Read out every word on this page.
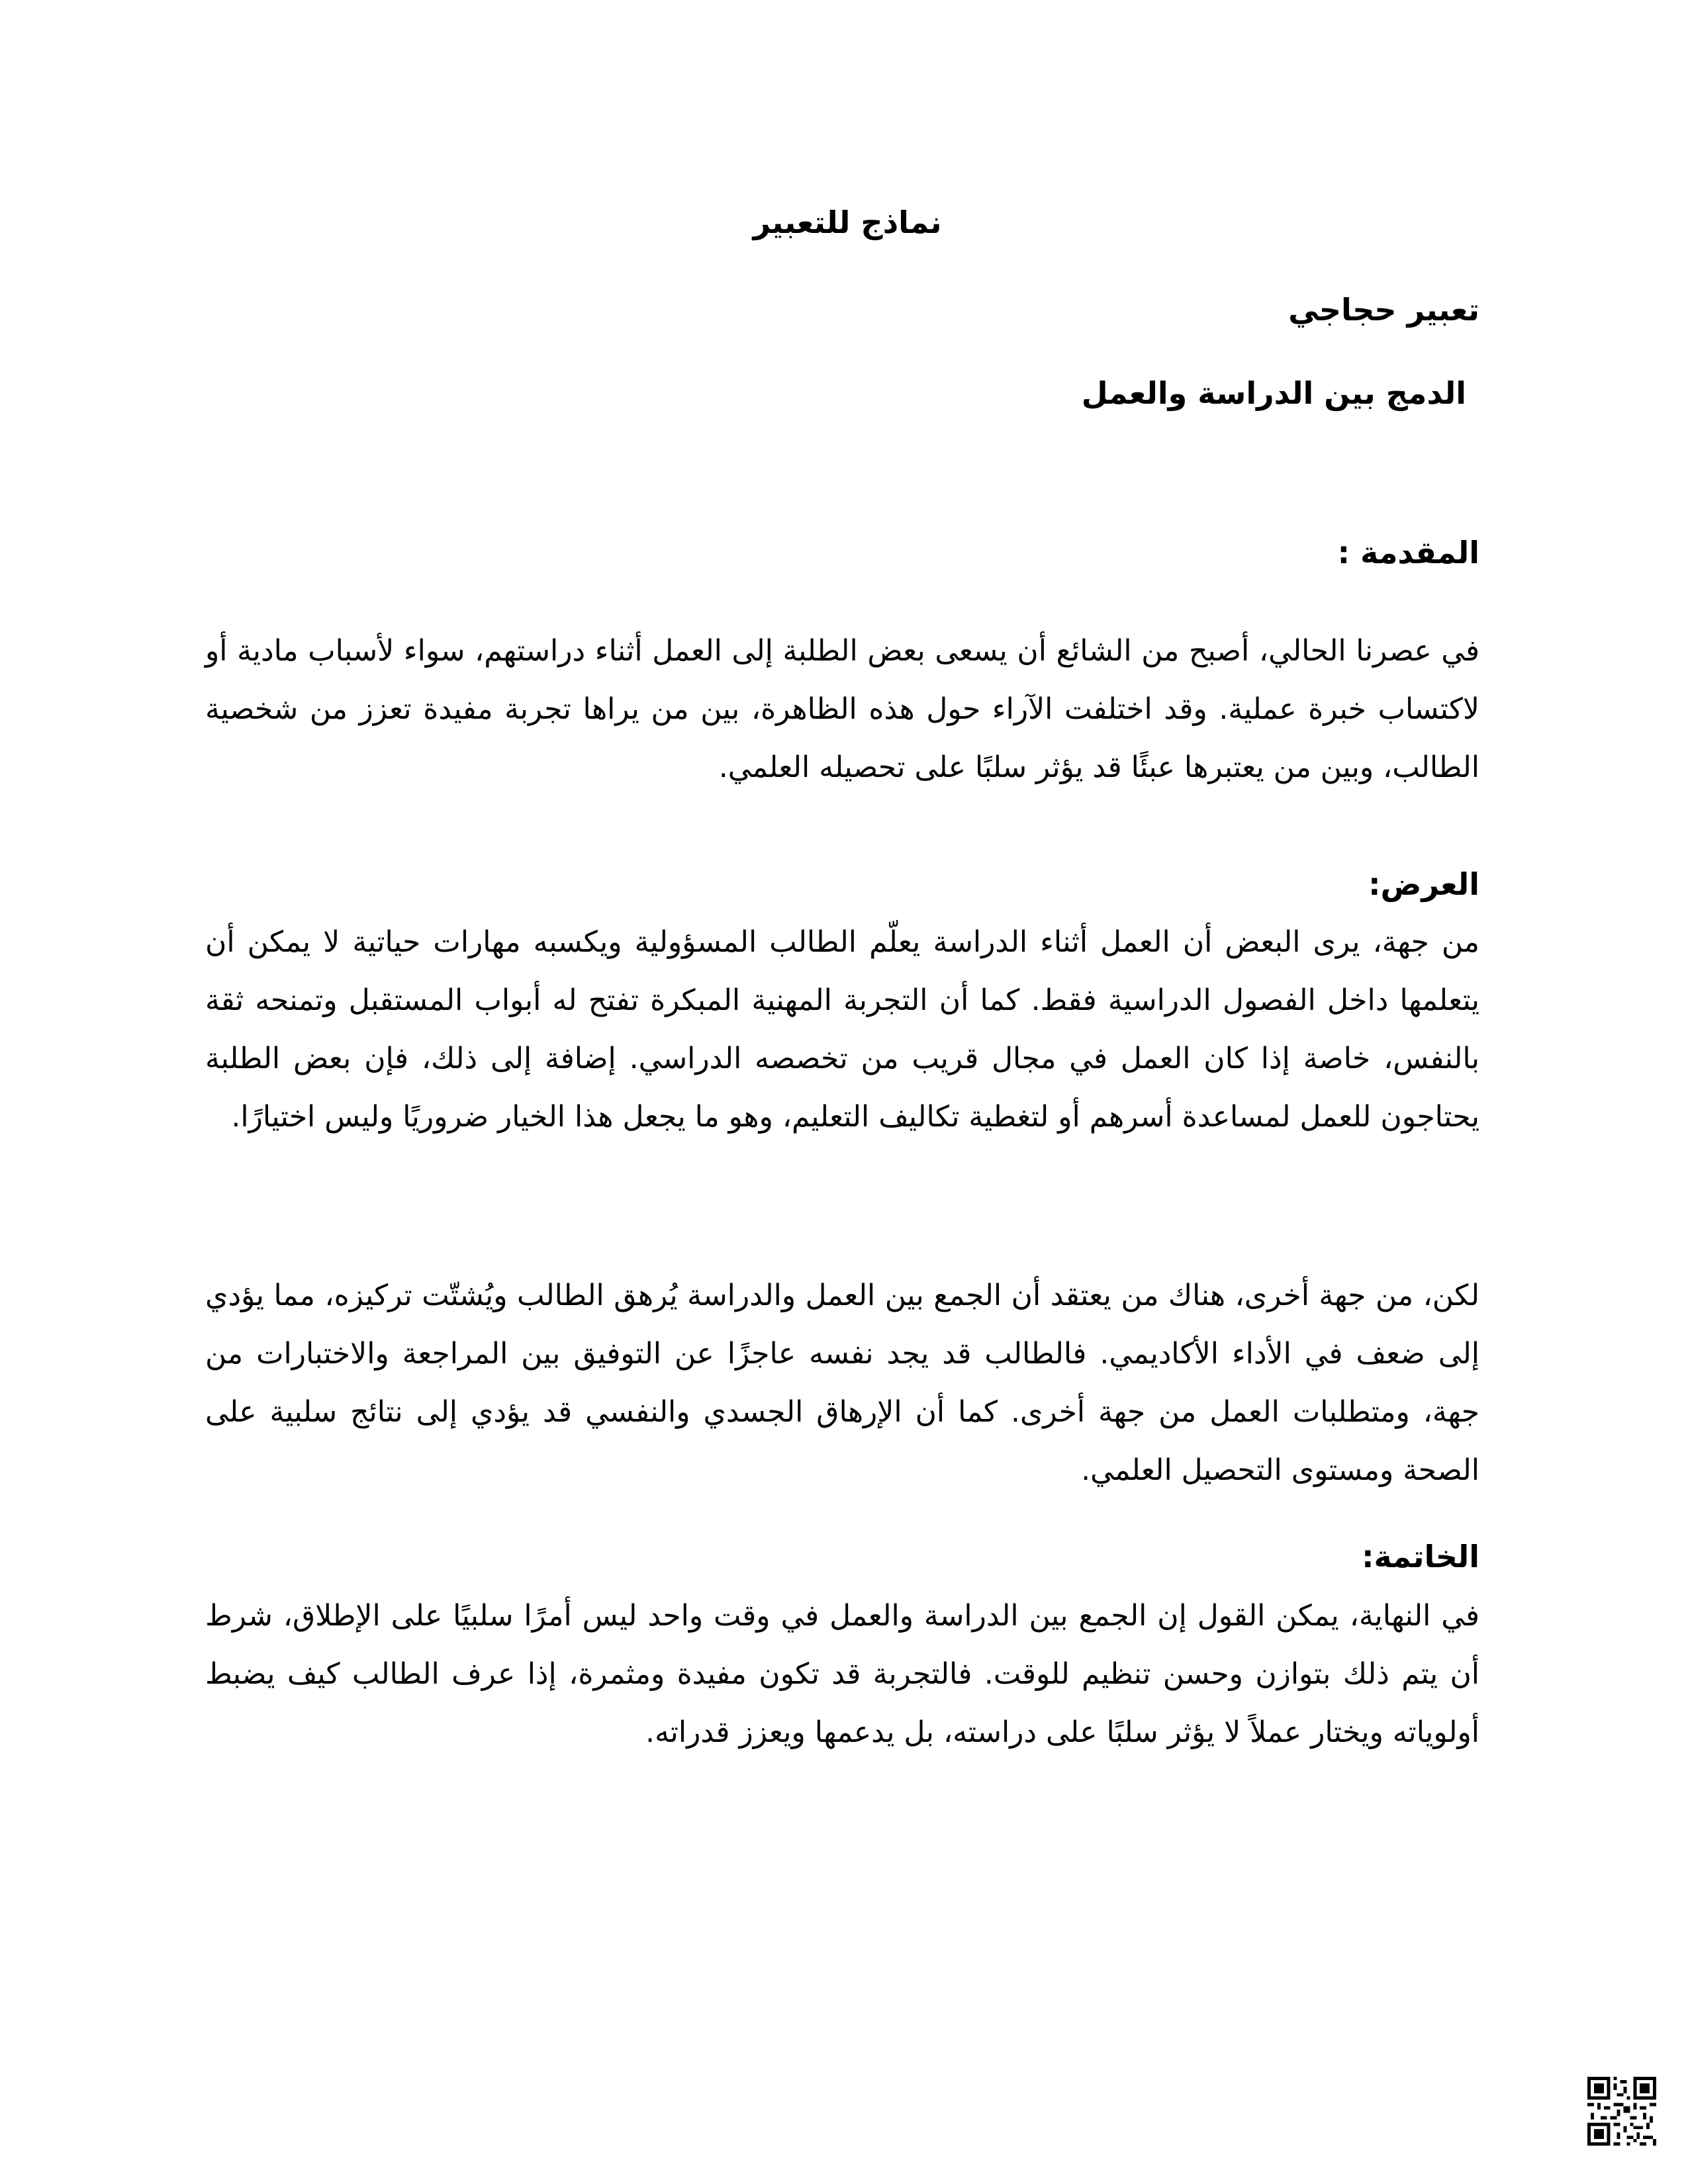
نماذج للتعبير
تعبير حجاجي
الدمج بين الدراسة والعمل
المقدمة :

في عصرنا الحالي، أصبح من الشائع أن يسعى بعض الطلبة إلى العمل أثناء دراستهم، سواء لأسباب مادية أو لاكتساب خبرة عملية. وقد اختلفت الآراء حول هذه الظاهرة، بين من يراها تجربة مفيدة تعزز من شخصية الطالب، وبين من يعتبرها عبئًا قد يؤثر سلبًا على تحصيله العلمي.

العرض:

من جهة، يرى البعض أن العمل أثناء الدراسة يعلّم الطالب المسؤولية ويكسبه مهارات حياتية لا يمكن أن يتعلمها داخل الفصول الدراسية فقط. كما أن التجربة المهنية المبكرة تفتح له أبواب المستقبل وتمنحه ثقة بالنفس، خاصة إذا كان العمل في مجال قريب من تخصصه الدراسي. إضافة إلى ذلك، فإن بعض الطلبة يحتاجون للعمل لمساعدة أسرهم أو لتغطية تكاليف التعليم، وهو ما يجعل هذا الخيار ضروريًا وليس اختيارًا.

لكن، من جهة أخرى، هناك من يعتقد أن الجمع بين العمل والدراسة يُرهق الطالب ويُشتّت تركيزه، مما يؤدي إلى ضعف في الأداء الأكاديمي. فالطالب قد يجد نفسه عاجزًا عن التوفيق بين المراجعة والاختبارات من جهة، ومتطلبات العمل من جهة أخرى. كما أن الإرهاق الجسدي والنفسي قد يؤدي إلى نتائج سلبية على الصحة ومستوى التحصيل العلمي.

الخاتمة:

في النهاية، يمكن القول إن الجمع بين الدراسة والعمل في وقت واحد ليس أمرًا سلبيًا على الإطلاق، شرط أن يتم ذلك بتوازن وحسن تنظيم للوقت. فالتجربة قد تكون مفيدة ومثمرة، إذا عرف الطالب كيف يضبط أولوياته ويختار عملاً لا يؤثر سلبًا على دراسته، بل يدعمها ويعزز قدراته.
